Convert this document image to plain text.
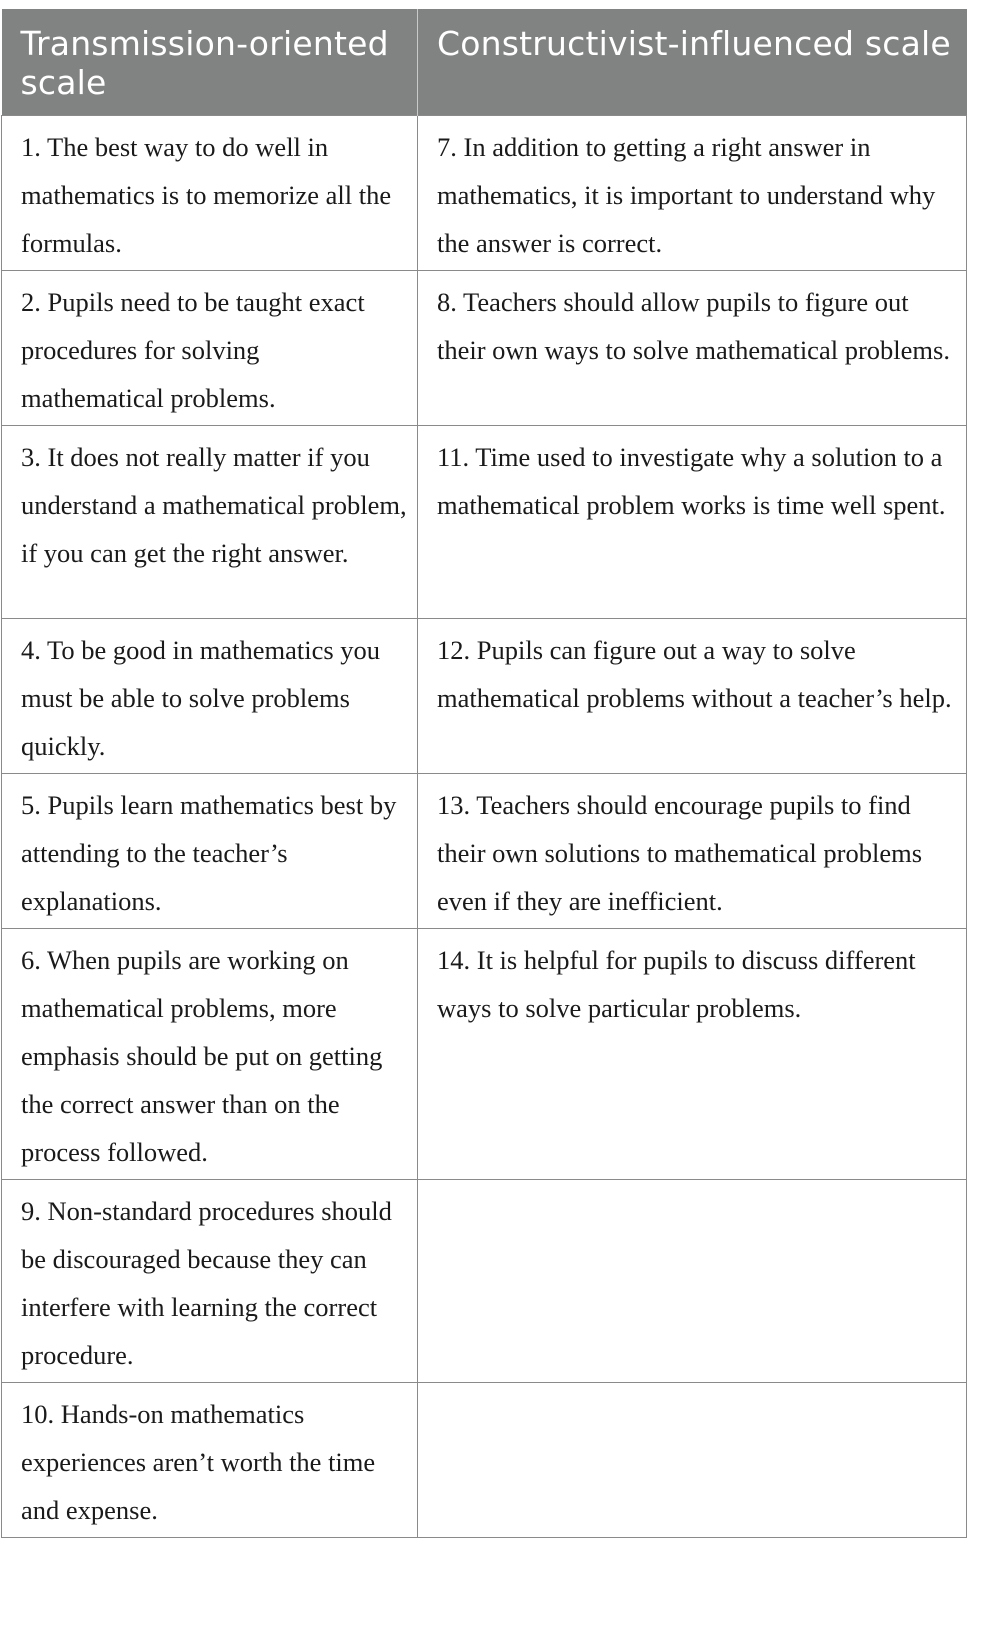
Transmission-oriented scale	Constructivist-influenced scale
1. The best way to do well in mathematics is to memorize all the formulas.	7. In addition to getting a right answer in mathematics, it is important to understand why the answer is correct.
2. Pupils need to be taught exact procedures for solving mathematical problems.	8. Teachers should allow pupils to figure out their own ways to solve mathematical problems.
3. It does not really matter if you understand a mathematical problem, if you can get the right answer.	11. Time used to investigate why a solution to a mathematical problem works is time well spent.
4. To be good in mathematics you must be able to solve problems quickly.	12. Pupils can figure out a way to solve mathematical problems without a teacher’s help.
5. Pupils learn mathematics best by attending to the teacher’s explanations.	13. Teachers should encourage pupils to find their own solutions to mathematical problems even if they are inefficient.
6. When pupils are working on mathematical problems, more emphasis should be put on getting the correct answer than on the process followed.	14. It is helpful for pupils to discuss different ways to solve particular problems.
9. Non-standard procedures should be discouraged because they can interfere with learning the correct procedure.	
10. Hands-on mathematics experiences aren’t worth the time and expense.	
